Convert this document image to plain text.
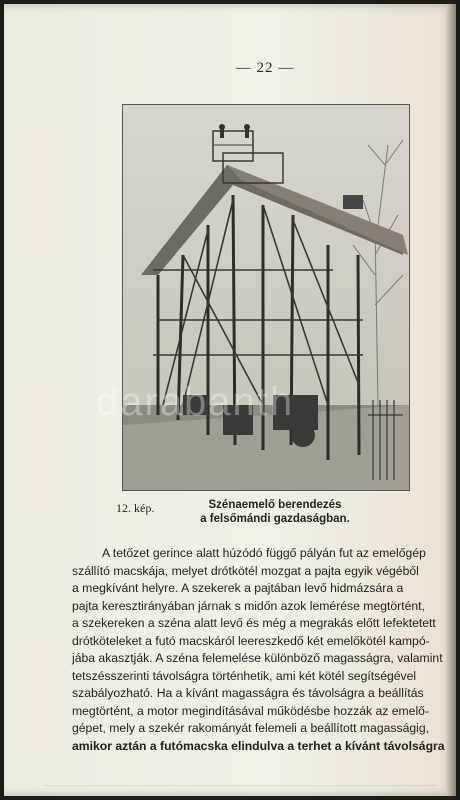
— 22 —
darabanth
12. kép.	Szénaemelő berendezés
a felsőmándi gazdaságban.
A tetőzet gerince alatt húzódó függő pályán fut az emelőgép
szállító macskája, melyet drótkötél mozgat a pajta egyik végéből
a megkívánt helyre. A szekerek a pajtában levő hidmázsára a
pajta keresztirányában járnak s midőn azok lemérése megtörtént,
a szekereken a széna alatt levő és még a megrakás előtt lefektetett
drótköteleket a futó macskáról leereszkedő két emelőkötél kampó-
jába akasztják. A széna felemelése különböző magasságra, valamint
tetszésszerinti távolságra történhetik, ami két kötél segítségével
szabályozható. Ha a kívánt magasságra és távolságra a beállítás
megtörtént, a motor megindításával működésbe hozzák az emelő-
gépet, mely a szekér rakományát felemeli a beállított magasságig,
amikor aztán a futómacska elindulva a terhet a kívánt távolságra
